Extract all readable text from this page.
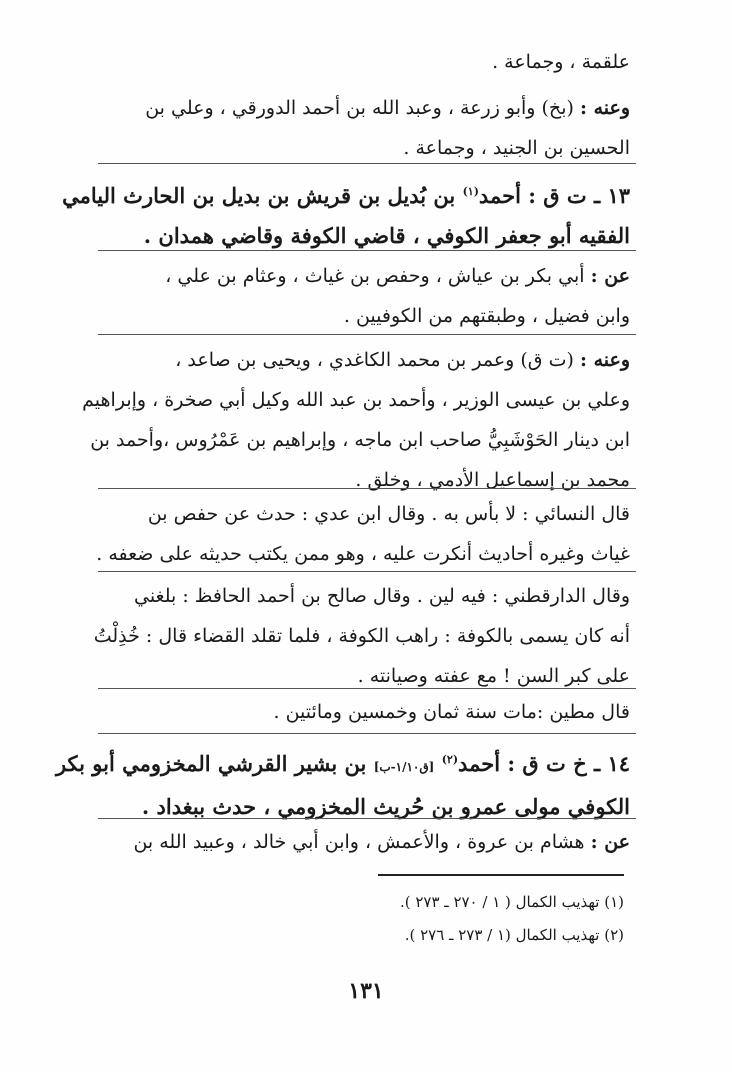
علقمة ، وجماعة .

وعنه : (بخ) وأبو زرعة ، وعبد الله بن أحمد الدورقي ، وعلي بن
الحسين بن الجنيد ، وجماعة .

١٣ ـ ت ق : أحمد$^{(١)}$ بن بُديل بن قريش بن بديل بن الحارث اليامي
الفقيه أبو جعفر الكوفي ، قاضي الكوفة وقاضي همدان .

عن : أبي بكر بن عياش ، وحفص بن غياث ، وعثام بن علي ،
وابن فضيل ، وطبقتهم من الكوفيين .

وعنه : (ت ق) وعمر بن محمد الكاغدي ، ويحيى بن صاعد ،
وعلي بن عيسى الوزير ، وأحمد بن عبد الله وكيل أبي صخرة ، وإبراهيم
ابن دينار الحَوْشَبِيُّ صاحب ابن ماجه ، وإبراهيم بن عَمْرُوس ،وأحمد بن
محمد بن إسماعيل الأدمي ، وخلق .

قال النسائي : لا بأس به . وقال ابن عدي : حدث عن حفص بن
غياث وغيره أحاديث أنكرت عليه ، وهو ممن يكتب حديثه على ضعفه .

وقال الدارقطني : فيه لين . وقال صالح بن أحمد الحافظ : بلغني
أنه كان يسمى بالكوفة : راهب الكوفة ، فلما تقلد القضاء قال : خُذِلْتُ
على كبر السن ! مع عفته وصيانته .

قال مطين :مات سنة ثمان وخمسين ومائتين .

١٤ ـ خ ت ق : أحمد$^{(٢)}$ [ق١/١٠-ب] بن بشير القرشي المخزومي أبو بكر
الكوفي مولى عمرو بن حُريث المخزومي ، حدث ببغداد .

عن : هشام بن عروة ، والأعمش ، وابن أبي خالد ، وعبيد الله بن

(١) تهذيب الكمال ( ١ / ٢٧٠ ـ ٢٧٣ ).
(٢) تهذيب الكمال (١ / ٢٧٣ ـ ٢٧٦ ).
١٣١
